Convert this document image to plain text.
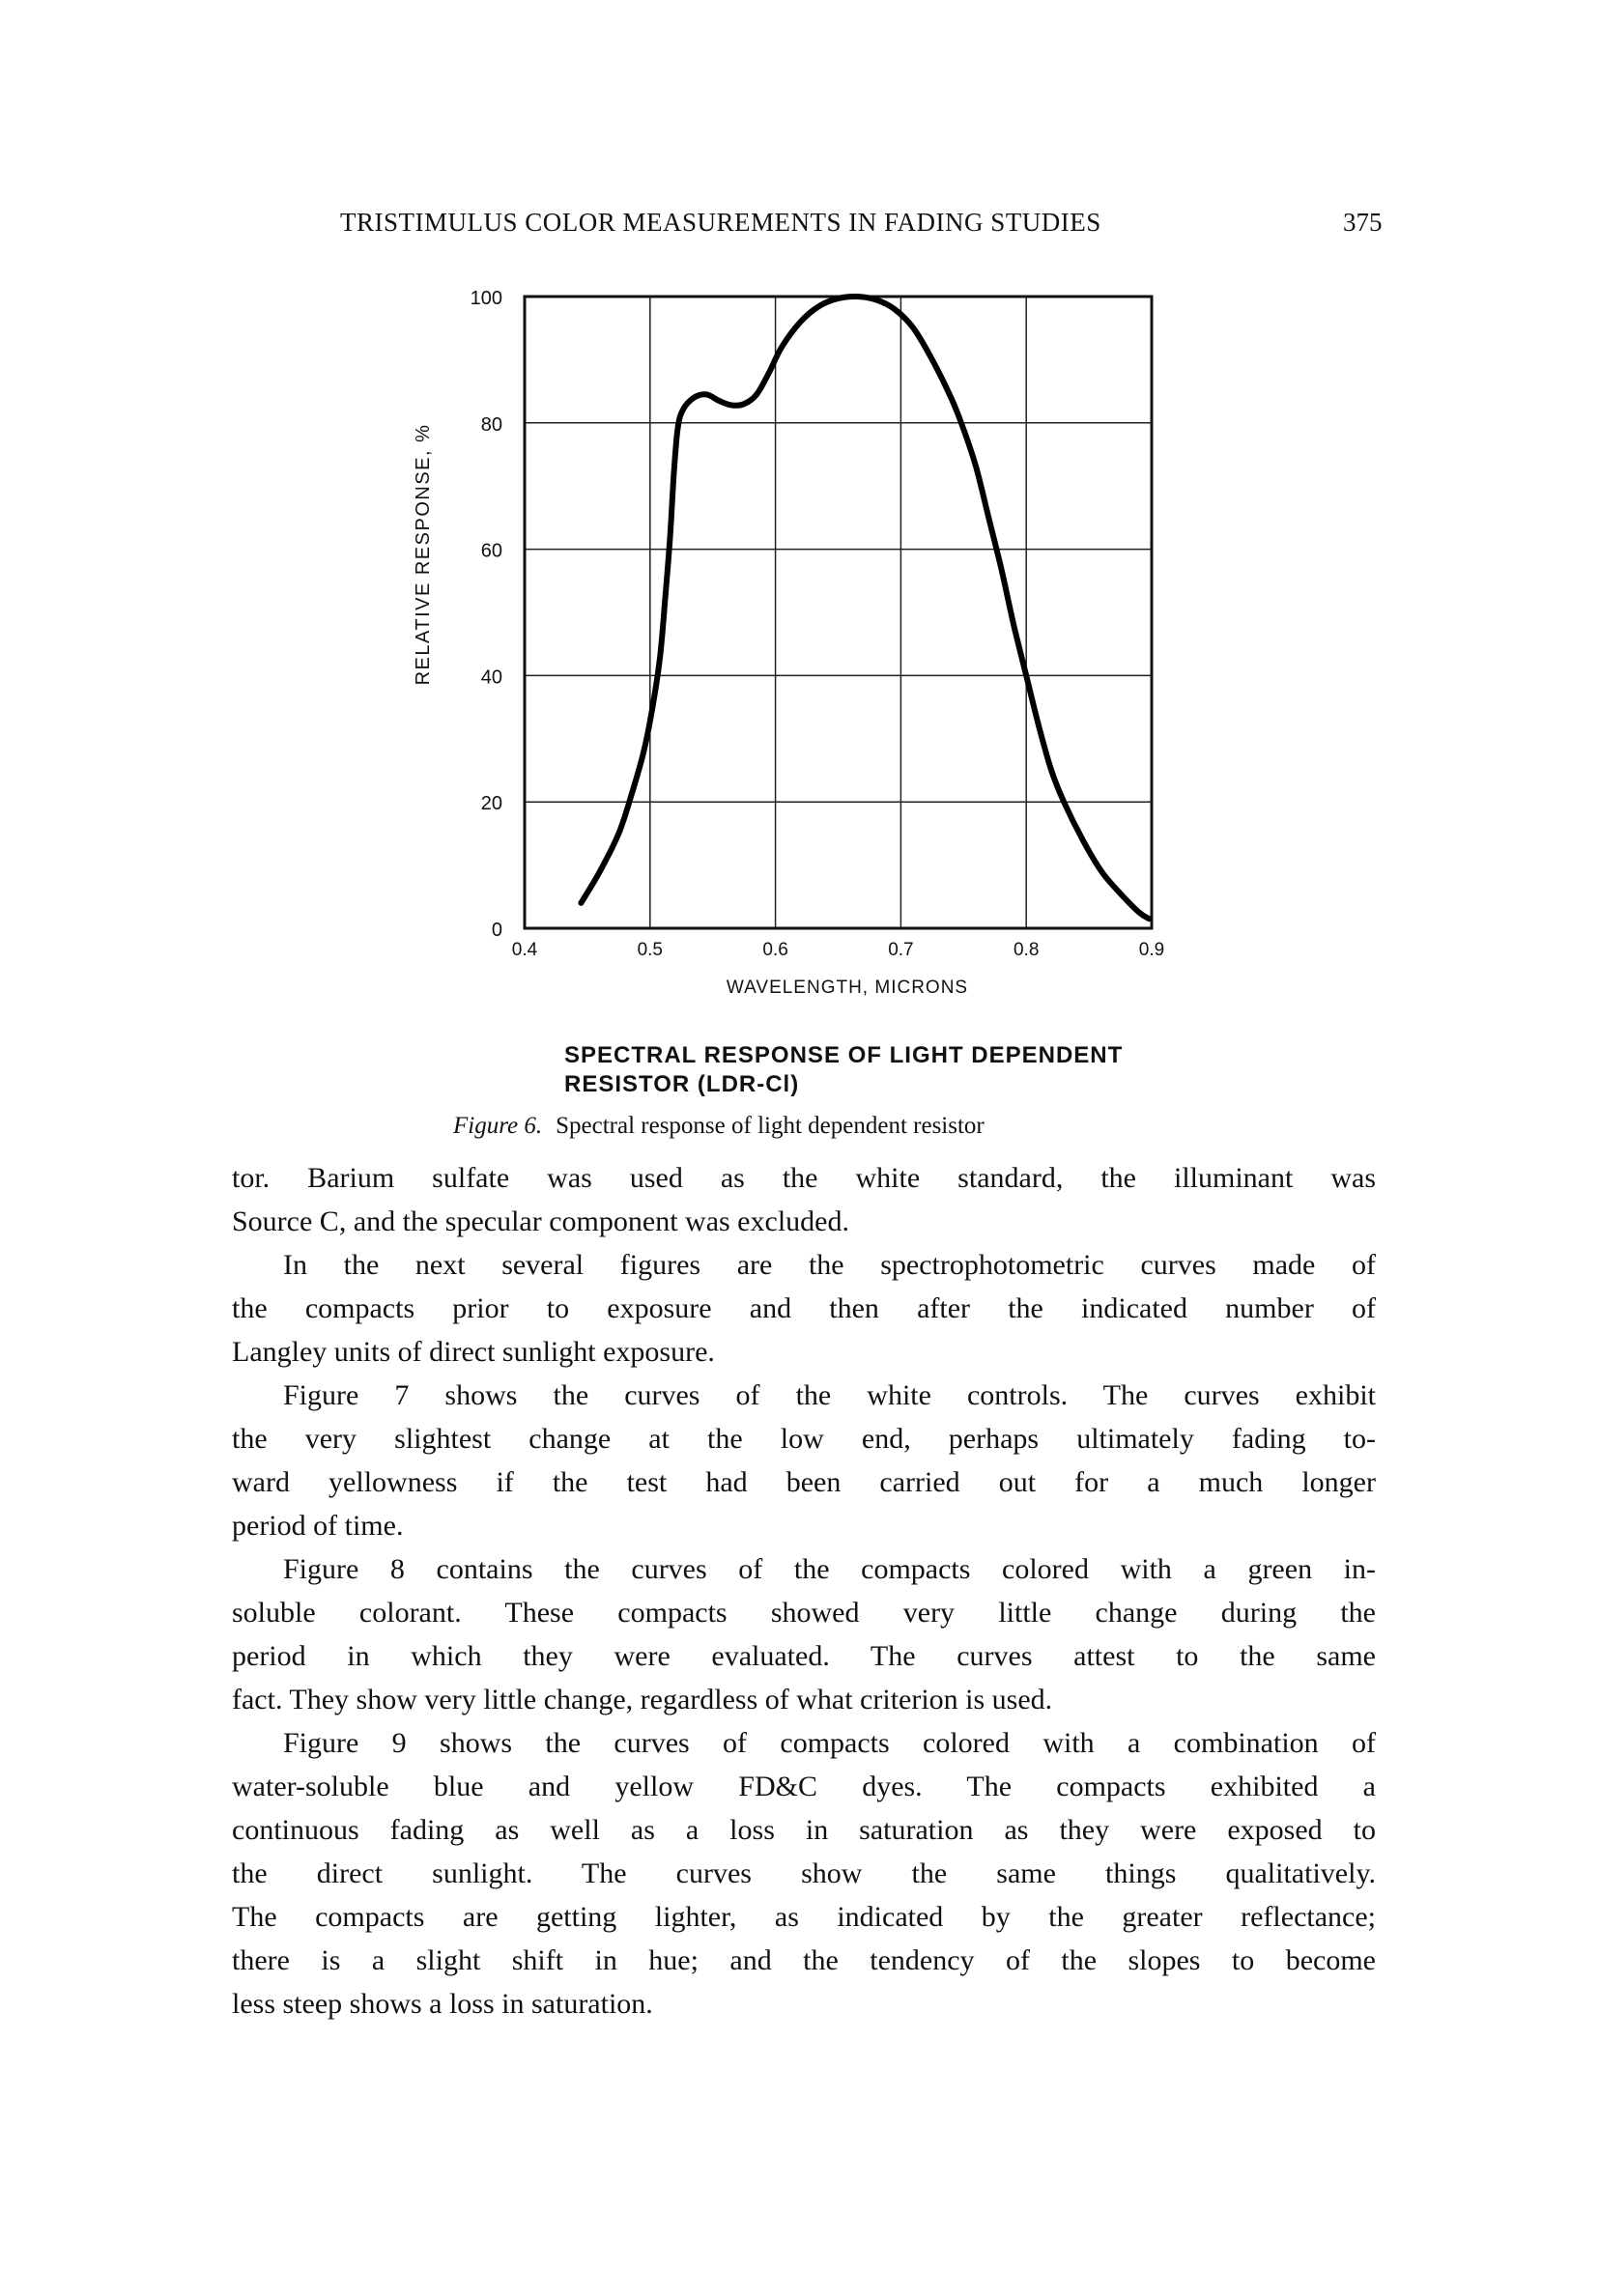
TRISTIMULUS COLOR MEASUREMENTS IN FADING STUDIES	375
0.4	0.5	0.6	0.7	0.8	0.9
0
20
40
60
80
100
WAVELENGTH, MICRONS
RELATIVE RESPONSE, %
SPECTRAL RESPONSE OF LIGHT DEPENDENT
RESISTOR (LDR-Cl)
Figure 6. Spectral response of light dependent resistor
tor. Barium sulfate was used as the white standard, the illuminant was
Source C, and the specular component was excluded.
In the next several figures are the spectrophotometric curves made of
the compacts prior to exposure and then after the indicated number of
Langley units of direct sunlight exposure.
Figure 7 shows the curves of the white controls. The curves exhibit
the very slightest change at the low end, perhaps ultimately fading to-
ward yellowness if the test had been carried out for a much longer
period of time.
Figure 8 contains the curves of the compacts colored with a green in-
soluble colorant. These compacts showed very little change during the
period in which they were evaluated. The curves attest to the same
fact. They show very little change, regardless of what criterion is used.
Figure 9 shows the curves of compacts colored with a combination of
water-soluble blue and yellow FD&C dyes. The compacts exhibited a
continuous fading as well as a loss in saturation as they were exposed to
the direct sunlight. The curves show the same things qualitatively.
The compacts are getting lighter, as indicated by the greater reflectance;
there is a slight shift in hue; and the tendency of the slopes to become
less steep shows a loss in saturation.
